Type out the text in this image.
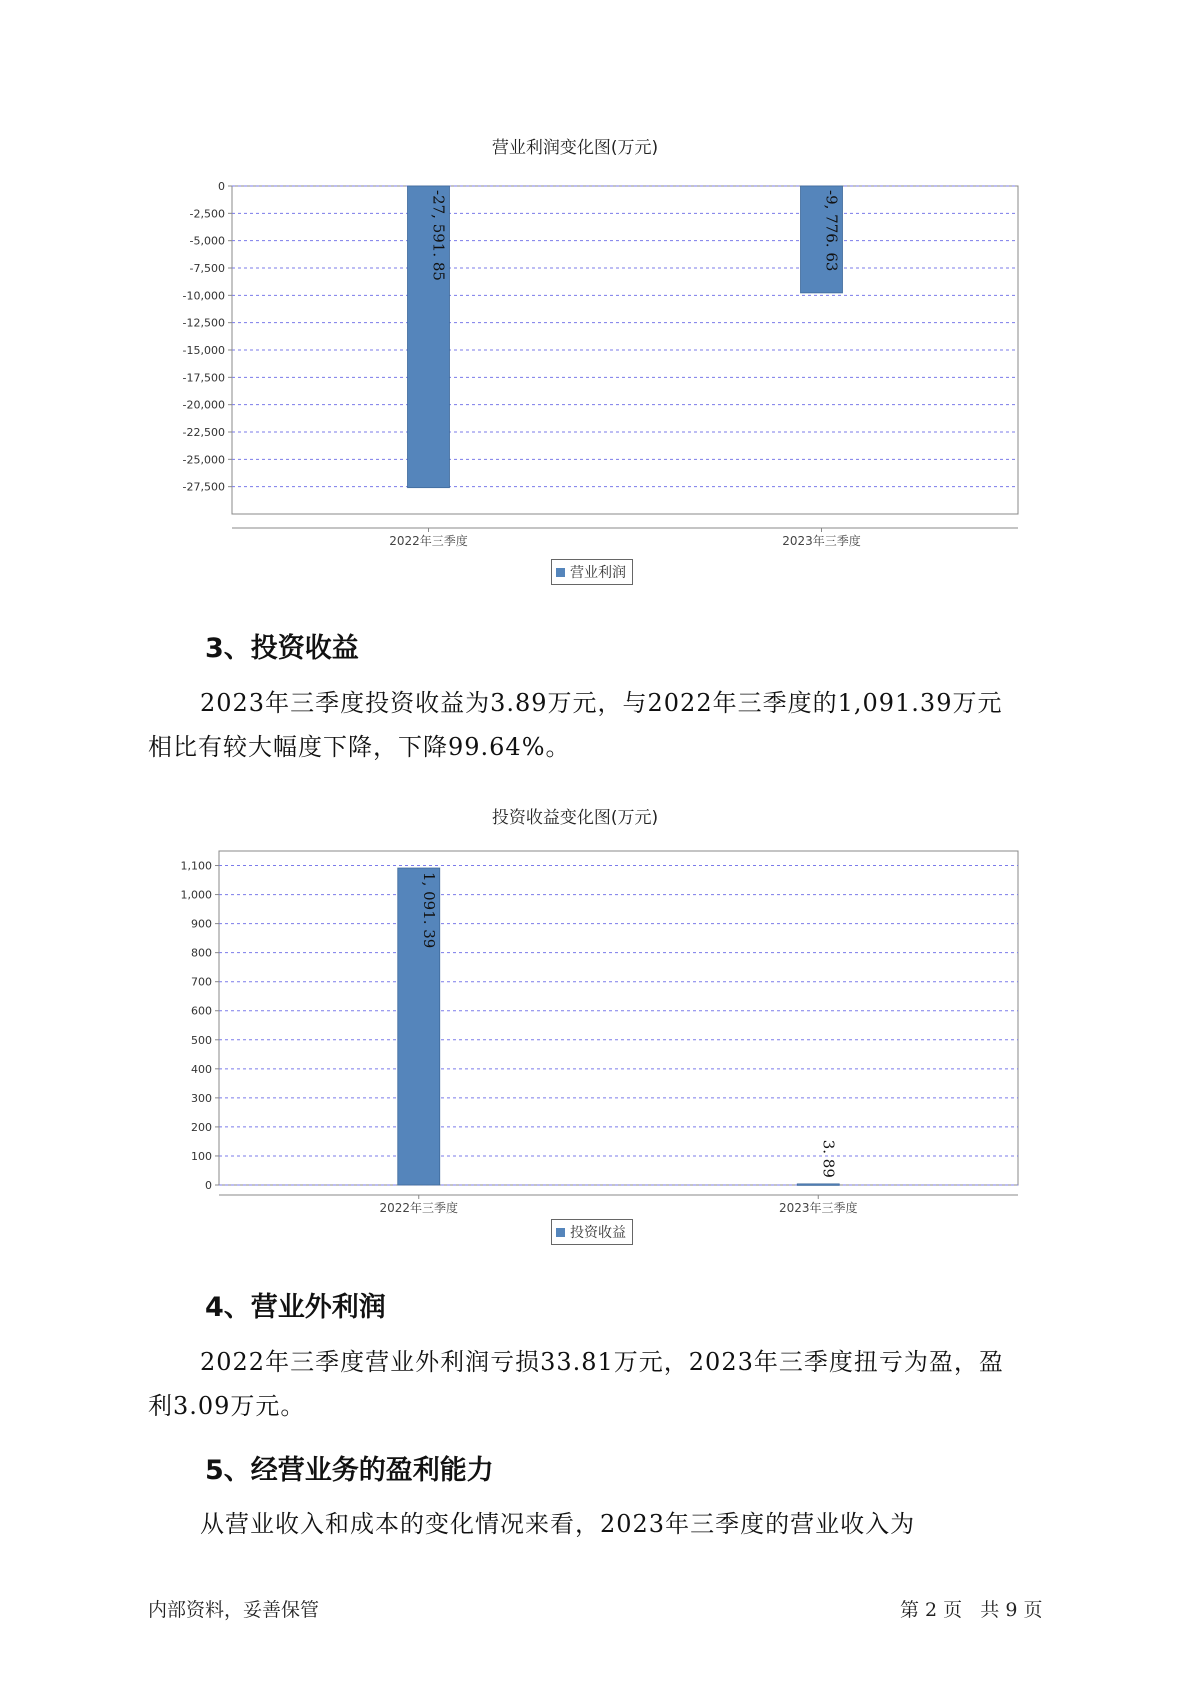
营业利润变化图(万元)
0
-2,500
-5,000
-7,500
-10,000
-12,500
-15,000
-17,500
-20,000
-22,500
-25,000
-27,500
2022年三季度
-27, 591. 85
2023年三季度
-9, 776. 63
营业利润
3、投资收益

2023年三季度投资收益为3.89万元，与2022年三季度的1,091.39万元

相比有较大幅度下降，下降99.64%。

投资收益变化图(万元)
0
100
200
300
400
500
600
700
800
900
1,000
1,100
2022年三季度
1, 091. 39
2023年三季度
3. 89
投资收益
4、营业外利润

2022年三季度营业外利润亏损33.81万元，2023年三季度扭亏为盈，盈

利3.09万元。

5、经营业务的盈利能力

从营业收入和成本的变化情况来看，2023年三季度的营业收入为

内部资料，妥善保管	第 2 页   共 9 页
